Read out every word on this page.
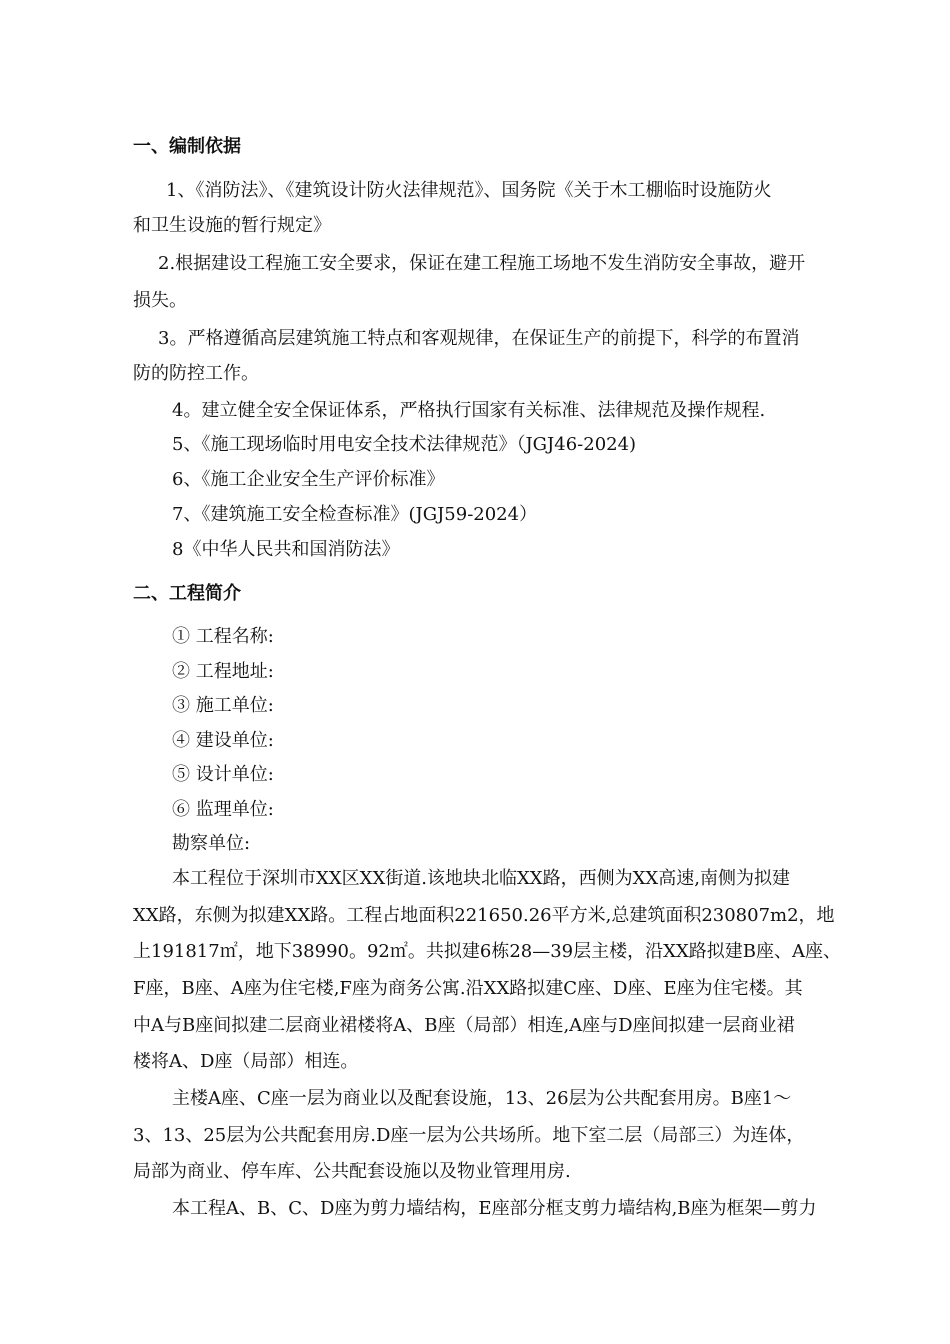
一、编制依据
1、《消防法》、《建筑设计防火法律规范》、国务院《关于木工棚临时设施防火
和卫生设施的暂行规定》
2.根据建设工程施工安全要求，保证在建工程施工场地不发生消防安全事故，避开
损失。
3。严格遵循高层建筑施工特点和客观规律，在保证生产的前提下，科学的布置消
防的防控工作。
4。建立健全安全保证体系，严格执行国家有关标准、法律规范及操作规程.
5、《施工现场临时用电安全技术法律规范》（JGJ46-2024)
6、《施工企业安全生产评价标准》
7、《建筑施工安全检查标准》(JGJ59-2024）
8《中华人民共和国消防法》
二、工程简介
① 工程名称:
② 工程地址:
③ 施工单位:
④ 建设单位:
⑤ 设计单位:
⑥ 监理单位:
勘察单位:
本工程位于深圳市XX区XX街道.该地块北临XX路，西侧为XX高速,南侧为拟建
XX路，东侧为拟建XX路。工程占地面积221650.26平方米,总建筑面积230807m2，地
上191817㎡，地下38990。92㎡。共拟建6栋28—39层主楼，沿XX路拟建B座、A座、
F座，B座、A座为住宅楼,F座为商务公寓.沿XX路拟建C座、D座、E座为住宅楼。其
中A与B座间拟建二层商业裙楼将A、B座（局部）相连,A座与D座间拟建一层商业裙
楼将A、D座（局部）相连。
主楼A座、C座一层为商业以及配套设施，13、26层为公共配套用房。B座1～
3、13、25层为公共配套用房.D座一层为公共场所。地下室二层（局部三）为连体，
局部为商业、停车库、公共配套设施以及物业管理用房.
本工程A、B、C、D座为剪力墙结构，E座部分框支剪力墙结构,B座为框架—剪力
